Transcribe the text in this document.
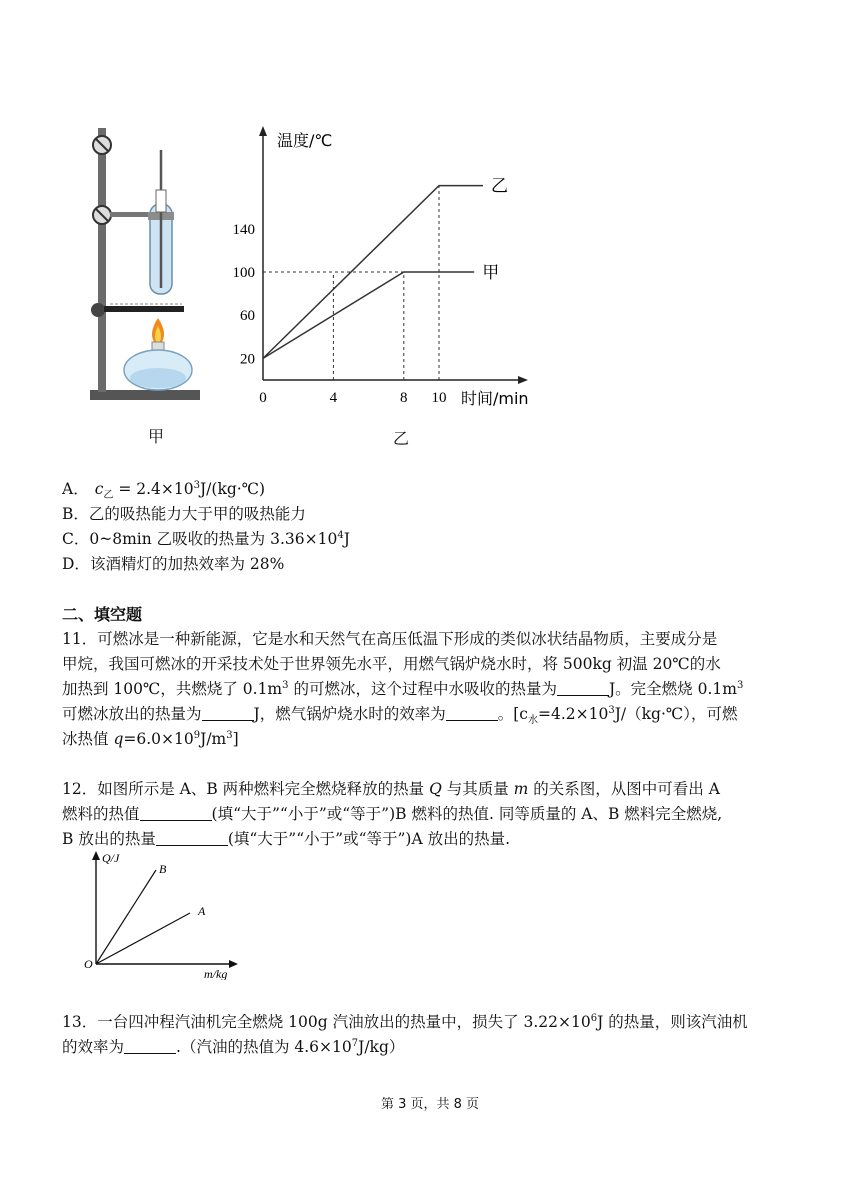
甲
甲
乙
0	4	8 10
20
60
100
140
温度/℃
时间/min
乙
A． $c_乙$ = $2.4\times 10^3J/(kg\cdot℃)$
B．乙的吸热能力大于甲的吸热能力
C．0~8min 乙吸收的热量为 $3.36\times 10^4J$
D．该酒精灯的加热效率为 28%
二、填空题
11．可燃冰是一种新能源，它是水和天然气在高压低温下形成的类似冰状结晶物质，主要成分是
甲烷，我国可燃冰的开采技术处于世界领先水平，用燃气锅炉烧水时，将 500kg 初温 20℃的水
加热到 100℃，共燃烧了 $0.1m^3$ 的可燃冰，这个过程中水吸收的热量为	J。完全燃烧 $0.1m^3$
可燃冰放出的热量为	J，燃气锅炉烧水时的效率为	。[$c_水=4.2\times 10^3J/(kg\cdot℃)$，可燃
冰热值 $q=6.0\times 10^9J/m^3$]
12．如图所示是 A、B 两种燃料完全燃烧释放的热量 Q 与其质量 m 的关系图，从图中可看出 A
燃料的热值	(填“大于”“小于”或“等于”)B 燃料的热值. 同等质量的 A、B 燃料完全燃烧,
B 放出的热量	(填“大于”“小于”或“等于”)A 放出的热量.
Q/J
O
m/kg
B
A
13．一台四冲程汽油机完全燃烧 100g 汽油放出的热量中，损失了 $3.22\times 10^6J$ 的热量，则该汽油机
的效率为	.（汽油的热值为 $4.6\times 10^7J/kg$）
第 3 页，共 8 页
